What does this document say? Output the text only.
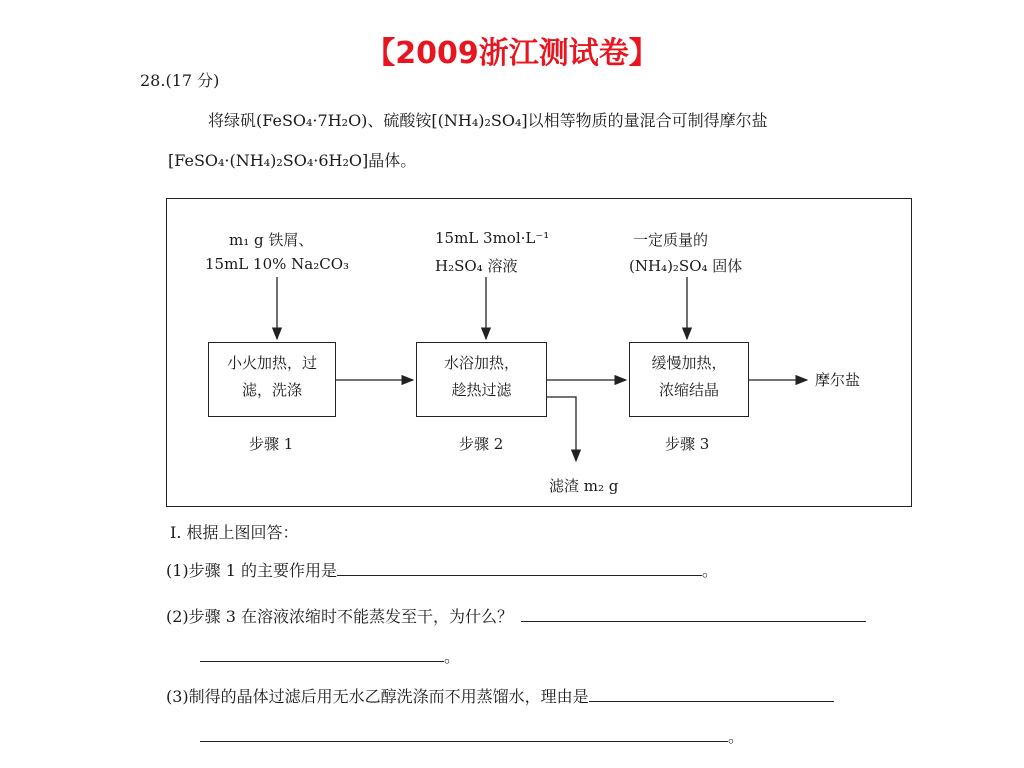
【2009浙江测试卷】
28.(17 分)
将绿矾(FeSO₄·7H₂O)、硫酸铵[(NH₄)₂SO₄]以相等物质的量混合可制得摩尔盐
[FeSO₄·(NH₄)₂SO₄·6H₂O]晶体。
m₁ g 铁屑、
15mL 10% Na₂CO₃
15mL 3mol·L⁻¹
H₂SO₄ 溶液
一定质量的
(NH₄)₂SO₄ 固体
小火加热，过
滤，洗涤
水浴加热，
趁热过滤
缓慢加热，
浓缩结晶
摩尔盐
步骤 1	步骤 2	步骤 3
滤渣 m₂ g
Ⅰ. 根据上图回答：
(1)步骤 1 的主要作用是	。
(2)步骤 3 在溶液浓缩时不能蒸发至干，为什么？
。
(3)制得的晶体过滤后用无水乙醇洗涤而不用蒸馏水，理由是
。
